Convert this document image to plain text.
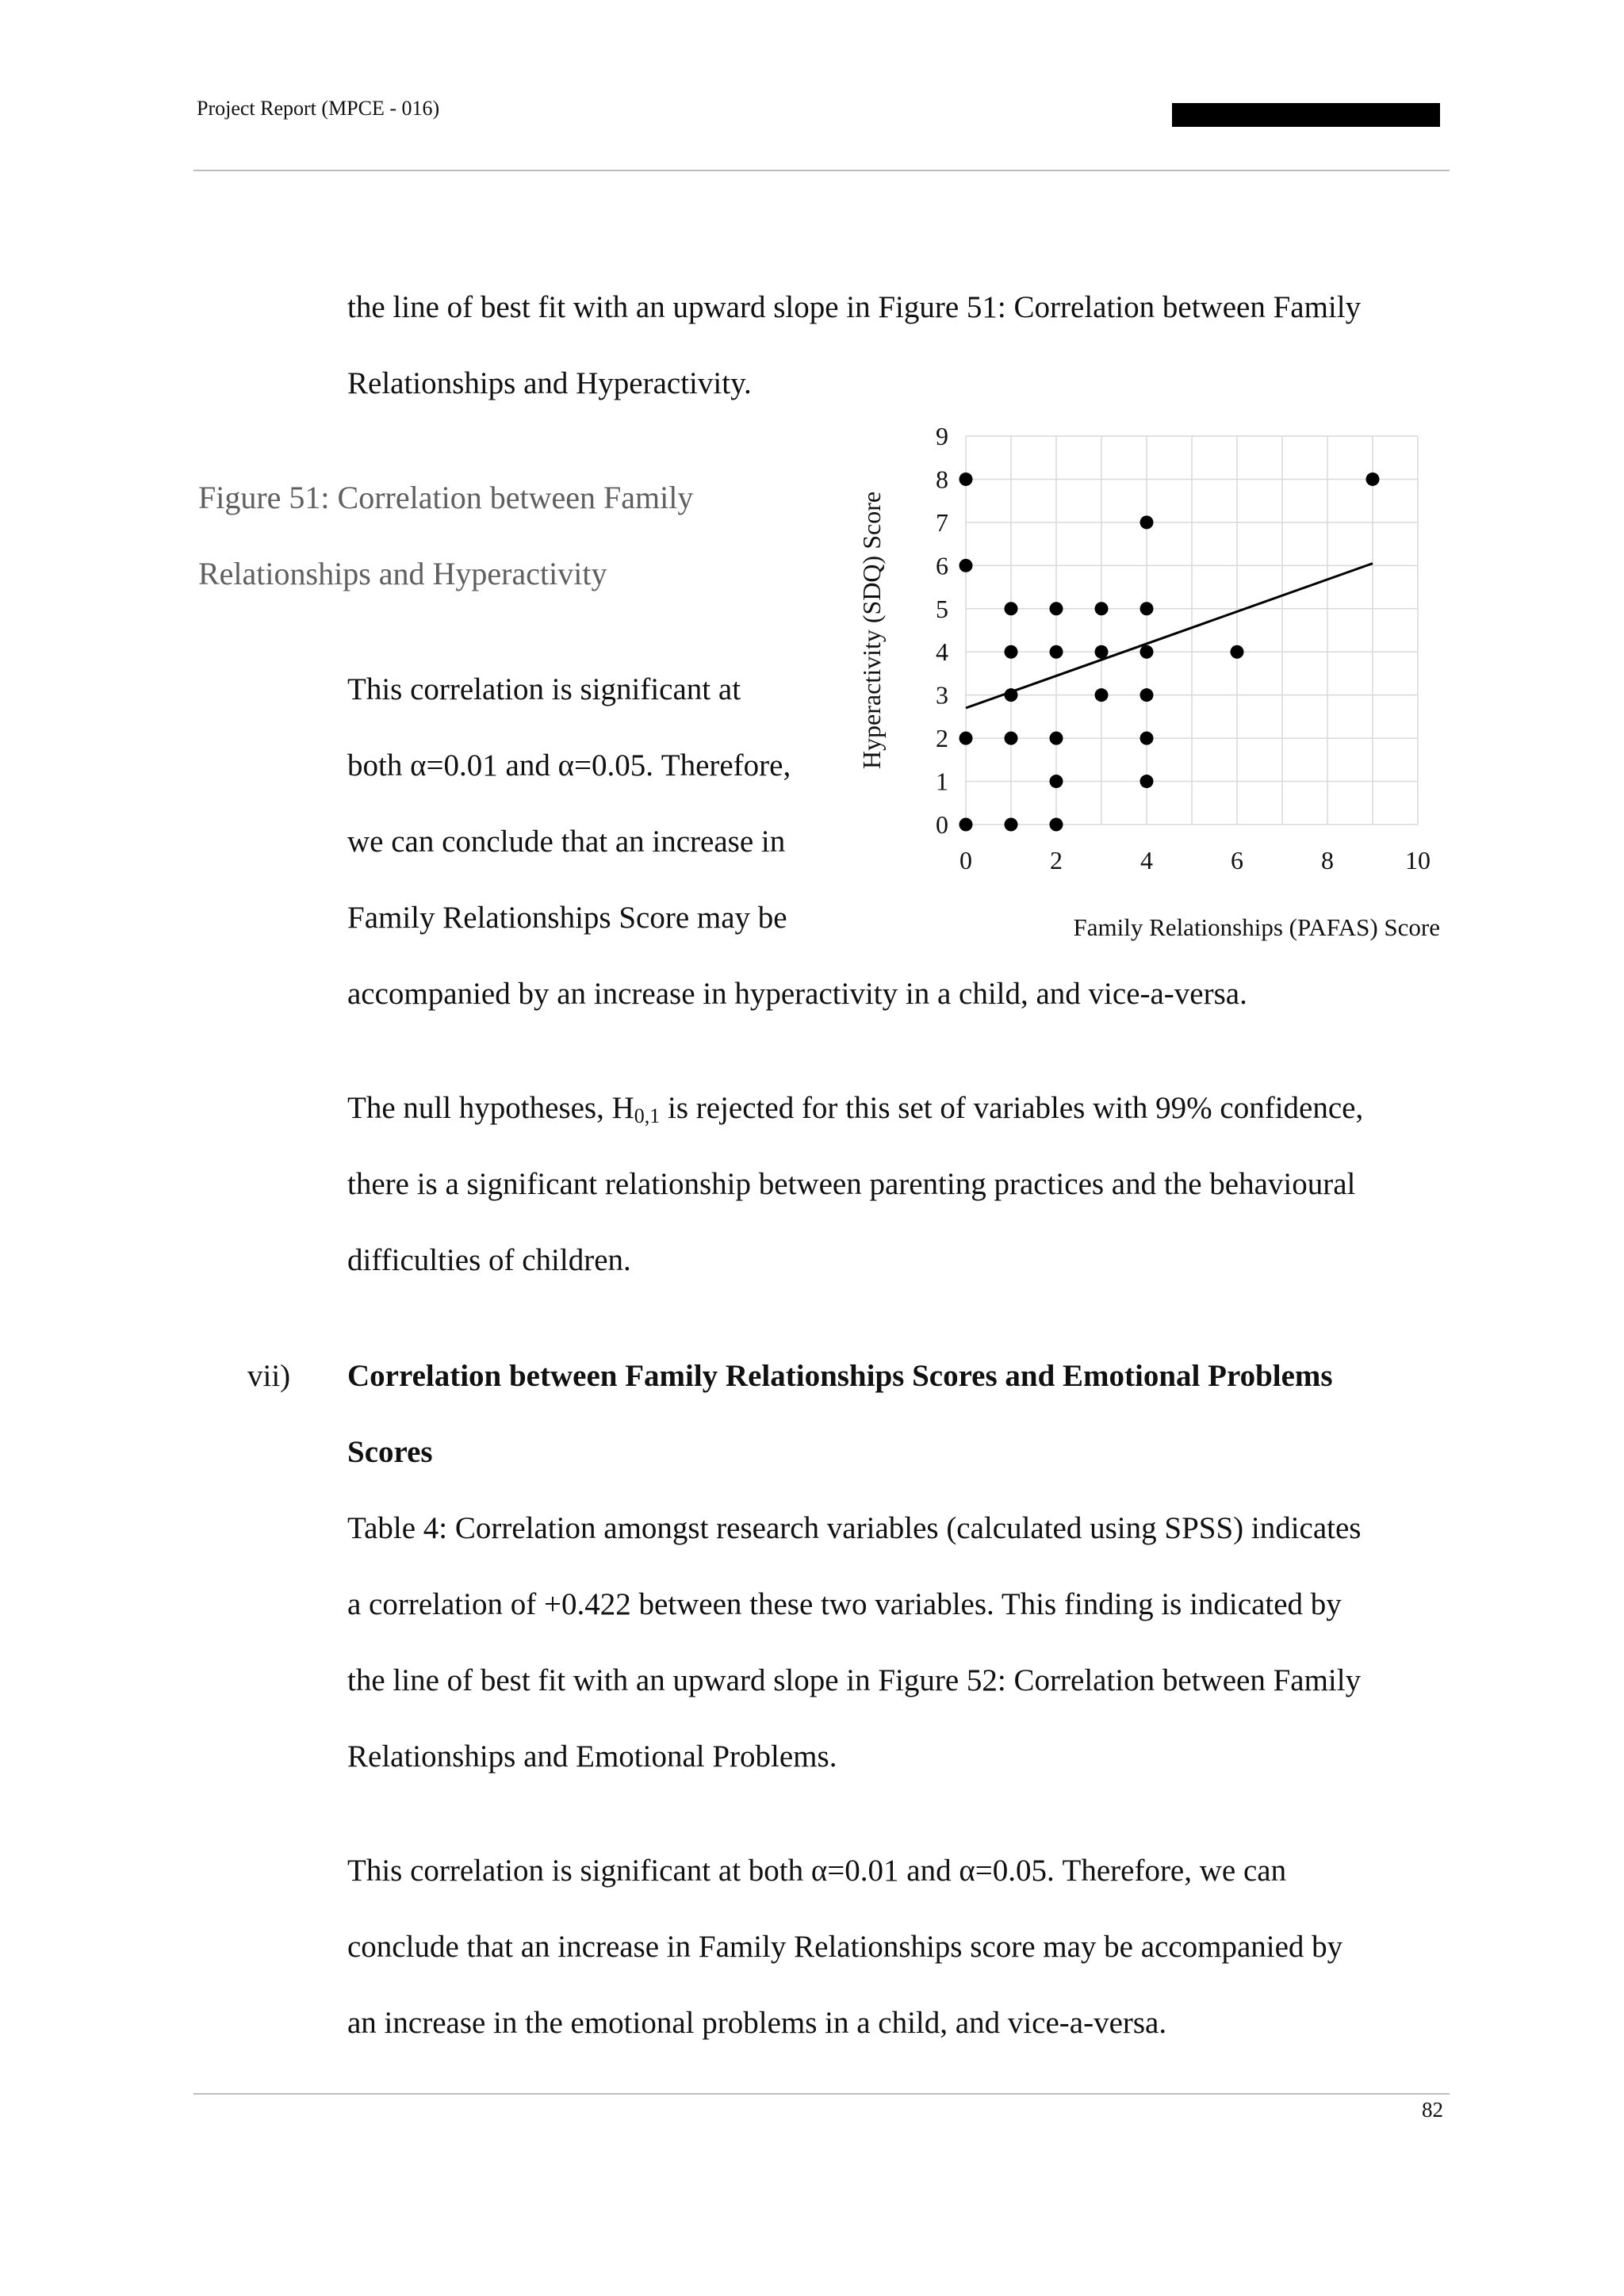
Project Report (MPCE - 016)
the line of best fit with an upward slope in Figure 51: Correlation between Family
Relationships and Hyperactivity.
Figure 51: Correlation between Family
Relationships and Hyperactivity
This correlation is significant at
both α=0.01 and α=0.05. Therefore,
we can conclude that an increase in
Family Relationships Score may be
0
1
2
3
4
5
6
7
8
9
0	2	4	6	8	10
Hyperactivity (SDQ) Score
Family Relationships (PAFAS) Score
accompanied by an increase in hyperactivity in a child, and vice-a-versa.
The null hypotheses, $H_{0,1}$ is rejected for this set of variables with 99% confidence,
there is a significant relationship between parenting practices and the behavioural
difficulties of children.
vii) Correlation between Family Relationships Scores and Emotional Problems
Scores
Table 4: Correlation amongst research variables (calculated using SPSS) indicates
a correlation of +0.422 between these two variables. This finding is indicated by
the line of best fit with an upward slope in Figure 52: Correlation between Family
Relationships and Emotional Problems.
This correlation is significant at both α=0.01 and α=0.05. Therefore, we can
conclude that an increase in Family Relationships score may be accompanied by
an increase in the emotional problems in a child, and vice-a-versa.
82
